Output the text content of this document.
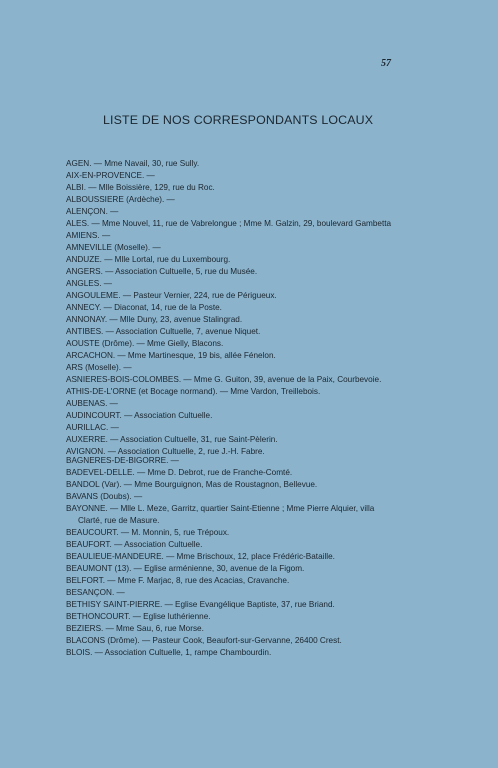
57
LISTE DE NOS CORRESPONDANTS LOCAUX
AGEN. — Mme Navail, 30, rue Sully.
AIX-EN-PROVENCE. —
ALBI. — Mlle Boissière, 129, rue du Roc.
ALBOUSSIERE (Ardèche). —
ALENÇON. —
ALES. — Mme Nouvel, 11, rue de Vabrelongue ; Mme M. Galzin, 29, boulevard Gambetta
AMIENS. —
AMNEVILLE (Moselle). —
ANDUZE. — Mlle Lortal, rue du Luxembourg.
ANGERS. — Association Cultuelle, 5, rue du Musée.
ANGLES. —
ANGOULEME. — Pasteur Vernier, 224, rue de Périgueux.
ANNECY. — Diaconat, 14, rue de la Poste.
ANNONAY. — Mlle Duny, 23, avenue Stalingrad.
ANTIBES. — Association Cultuelle, 7, avenue Niquet.
AOUSTE (Drôme). — Mme Gielly, Blacons.
ARCACHON. — Mme Martinesque, 19 bis, allée Fénelon.
ARS (Moselle). —
ASNIERES-BOIS-COLOMBES. — Mme G. Guiton, 39, avenue de la Paix, Courbevoie.
ATHIS-DE-L'ORNE (et Bocage normand). — Mme Vardon, Treillebois.
AUBENAS. —
AUDINCOURT. — Association Cultuelle.
AURILLAC. —
AUXERRE. — Association Cultuelle, 31, rue Saint-Pèlerin.
AVIGNON. — Association Cultuelle, 2, rue J.-H. Fabre.
BAGNERES-DE-BIGORRE. —
BADEVEL-DELLE. — Mme D. Debrot, rue de Franche-Comté.
BANDOL (Var). — Mme Bourguignon, Mas de Roustagnon, Bellevue.
BAVANS (Doubs). —
BAYONNE. — Mlle L. Meze, Garritz, quartier Saint-Etienne ; Mme Pierre Alquier, villa
Clarté, rue de Masure.
BEAUCOURT. — M. Monnin, 5, rue Trépoux.
BEAUFORT. — Association Cultuelle.
BEAULIEUE-MANDEURE. — Mme Brischoux, 12, place Frédéric-Bataille.
BEAUMONT (13). — Eglise arménienne, 30, avenue de la Figom.
BELFORT. — Mme F. Marjac, 8, rue des Acacias, Cravanche.
BESANÇON. —
BETHISY SAINT-PIERRE. — Eglise Evangélique Baptiste, 37, rue Briand.
BETHONCOURT. — Eglise luthérienne.
BEZIERS. — Mme Sau, 6, rue Morse.
BLACONS (Drôme). — Pasteur Cook, Beaufort-sur-Gervanne, 26400 Crest.
BLOIS. — Association Cultuelle, 1, rampe Chambourdin.
